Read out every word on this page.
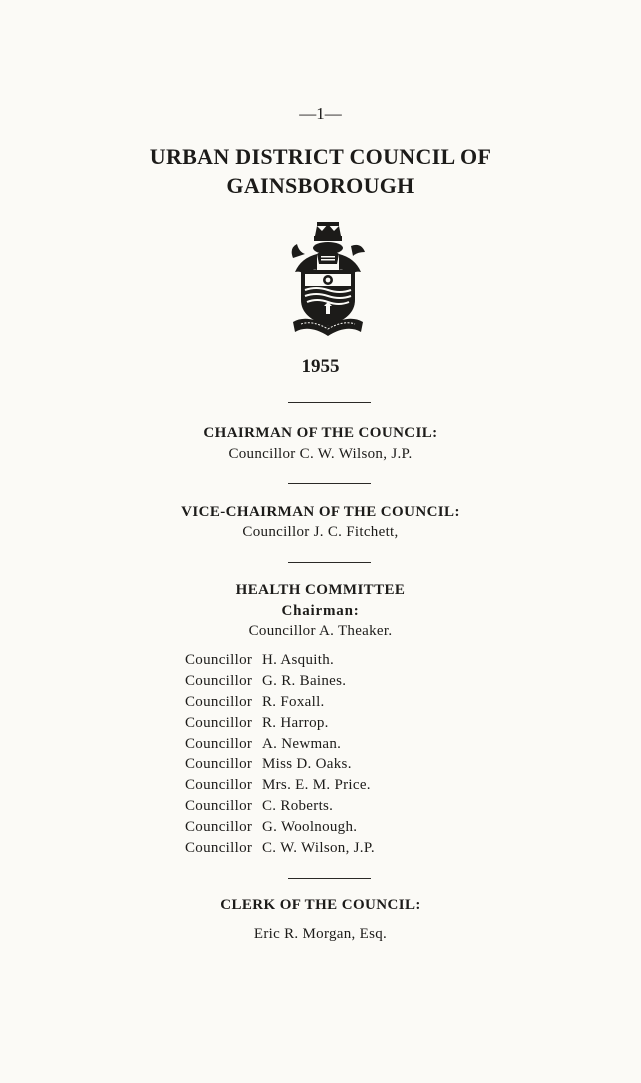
—1—
URBAN DISTRICT COUNCIL OF
GAINSBOROUGH
1955
CHAIRMAN OF THE COUNCIL:
Councillor C. W. Wilson, J.P.
VICE-CHAIRMAN OF THE COUNCIL:
Councillor J. C. Fitchett,
HEALTH COMMITTEE
Chairman:
Councillor A. Theaker.
Councillor H. Asquith.
Councillor G. R. Baines.
Councillor R. Foxall.
Councillor R. Harrop.
Councillor A. Newman.
Councillor Miss D. Oaks.
Councillor Mrs. E. M. Price.
Councillor C. Roberts.
Councillor G. Woolnough.
Councillor C. W. Wilson, J.P.
CLERK OF THE COUNCIL:
Eric R. Morgan, Esq.
